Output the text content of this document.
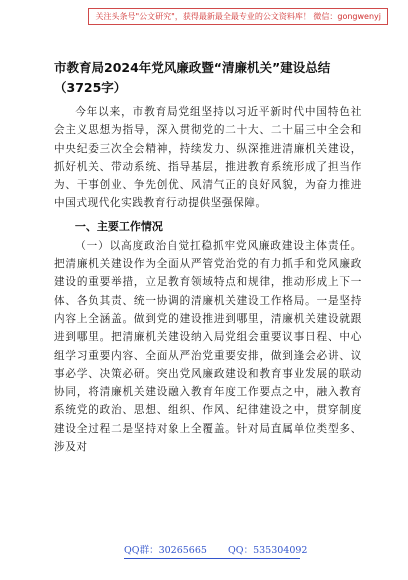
关注头条号"公文研究"，获得最新最全最专业的公文资料库！ 微信：gongwenyj
市教育局2024年党风廉政暨“清廉机关”建设总结（3725字）

今年以来，市教育局党组坚持以习近平新时代中国特色社会主义思想为指导，深入贯彻党的二十大、二十届三中全会和中央纪委三次全会精神，持续发力、纵深推进清廉机关建设，抓好机关、带动系统、指导基层，推进教育系统形成了担当作为、干事创业、争先创优、风清气正的良好风貌，为奋力推进中国式现代化实践教育行动提供坚强保障。

一、主要工作情况

（一）以高度政治自觉扛稳抓牢党风廉政建设主体责任。把清廉机关建设作为全面从严管党治党的有力抓手和党风廉政建设的重要举措，立足教育领域特点和规律，推动形成上下一体、各负其责、统一协调的清廉机关建设工作格局。一是坚持内容上全涵盖。做到党的建设推进到哪里，清廉机关建设就跟进到哪里。把清廉机关建设纳入局党组会重要议事日程、中心组学习重要内容、全面从严治党重要安排，做到逢会必讲、议事必学、决策必研。突出党风廉政建设和教育事业发展的联动协同，将清廉机关建设融入教育年度工作要点之中，融入教育系统党的政治、思想、组织、作风、纪律建设之中，贯穿制度建设全过程二是坚持对象上全覆盖。针对局直属单位类型多、涉及对

QQ群：30265665 QQ：535304092
